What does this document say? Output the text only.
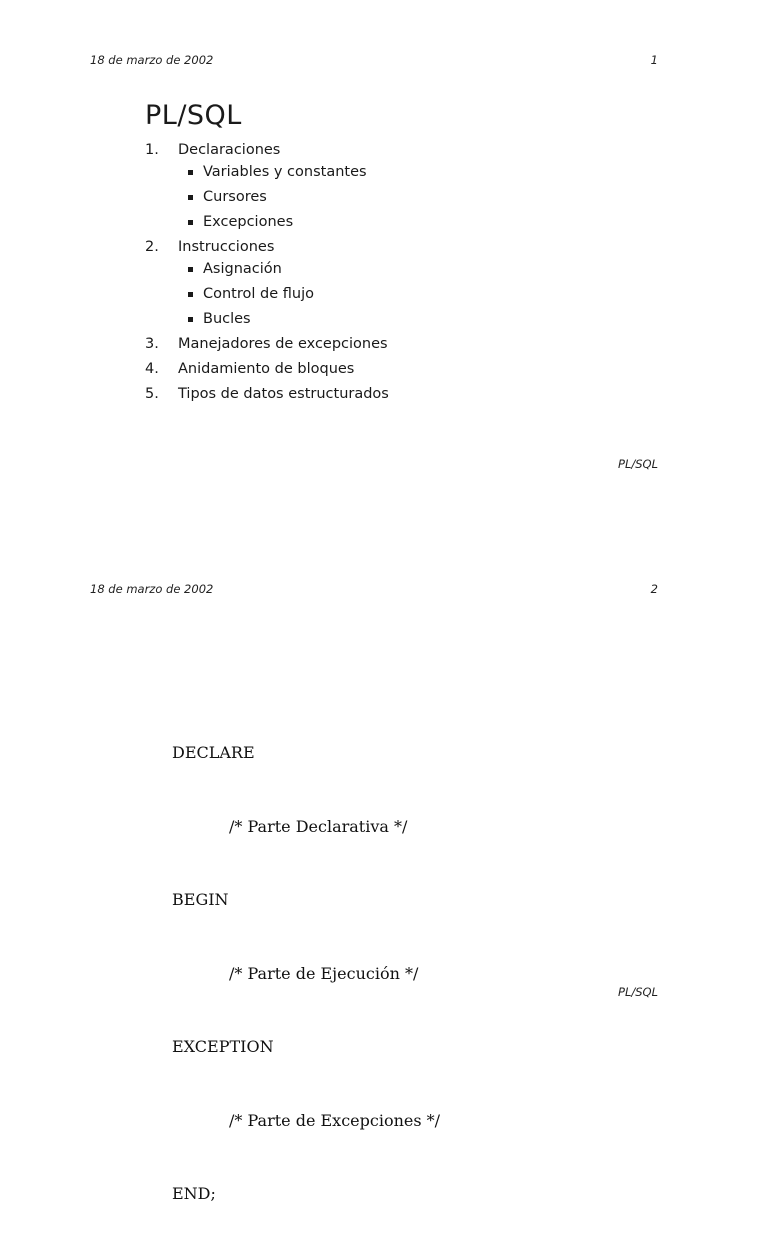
18 de marzo de 2002	1
PL/SQL
1. Declaraciones
Variables y constantes
Cursores
Excepciones
2. Instrucciones
Asignación
Control de flujo
Bucles
3. Manejadores de excepciones
4. Anidamiento de bloques
5. Tipos de datos estructurados
PL/SQL
18 de marzo de 2002	2

DECLARE

/* Parte Declarativa */

BEGIN

/* Parte de Ejecución */

EXCEPTION

/* Parte de Excepciones */

END;

PL/SQL
